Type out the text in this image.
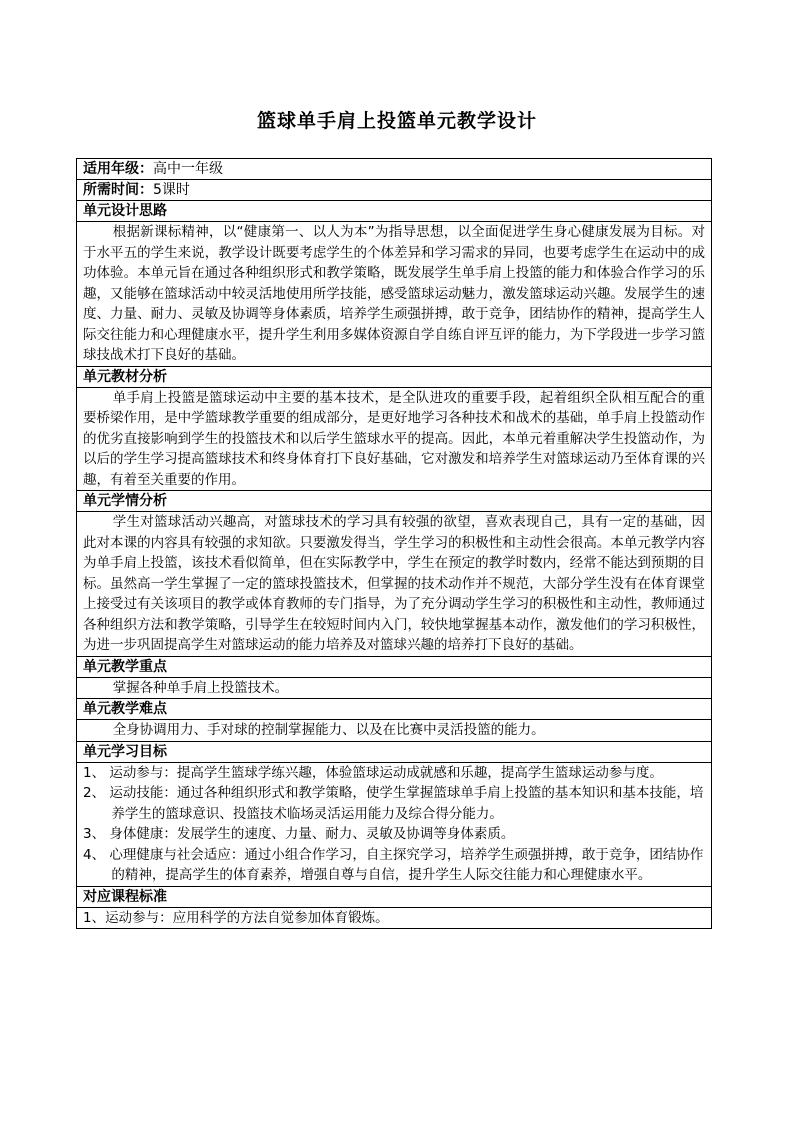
篮球单手肩上投篮单元教学设计
适用年级：高中一年级
所需时间：5课时
单元设计思路

根据新课标精神，以“健康第一、以人为本”为指导思想，以全面促进学生身心健康发展为目标。对于水平五的学生来说，教学设计既要考虑学生的个体差异和学习需求的异同，也要考虑学生在运动中的成功体验。本单元旨在通过各种组织形式和教学策略，既发展学生单手肩上投篮的能力和体验合作学习的乐趣，又能够在篮球活动中较灵活地使用所学技能，感受篮球运动魅力，激发篮球运动兴趣。发展学生的速度、力量、耐力、灵敏及协调等身体素质，培养学生顽强拼搏，敢于竞争，团结协作的精神，提高学生人际交往能力和心理健康水平，提升学生利用多媒体资源自学自练自评互评的能力，为下学段进一步学习篮球技战术打下良好的基础。

单元教材分析

单手肩上投篮是篮球运动中主要的基本技术，是全队进攻的重要手段，起着组织全队相互配合的重要桥梁作用，是中学篮球教学重要的组成部分，是更好地学习各种技术和战术的基础，单手肩上投篮动作的优劣直接影响到学生的投篮技术和以后学生篮球水平的提高。因此，本单元着重解决学生投篮动作，为以后的学生学习提高篮球技术和终身体育打下良好基础，它对激发和培养学生对篮球运动乃至体育课的兴趣，有着至关重要的作用。

单元学情分析

学生对篮球活动兴趣高，对篮球技术的学习具有较强的欲望，喜欢表现自己，具有一定的基础，因此对本课的内容具有较强的求知欲。只要激发得当，学生学习的积极性和主动性会很高。本单元教学内容为单手肩上投篮，该技术看似简单，但在实际教学中，学生在预定的教学时数内，经常不能达到预期的目标。虽然高一学生掌握了一定的篮球投篮技术，但掌握的技术动作并不规范，大部分学生没有在体育课堂上接受过有关该项目的教学或体育教师的专门指导，为了充分调动学生学习的积极性和主动性，教师通过各种组织方法和教学策略，引导学生在较短时间内入门，较快地掌握基本动作，激发他们的学习积极性，为进一步巩固提高学生对篮球运动的能力培养及对篮球兴趣的培养打下良好的基础。

单元教学重点

掌握各种单手肩上投篮技术。

单元教学难点

全身协调用力、手对球的控制掌握能力、以及在比赛中灵活投篮的能力。

单元学习目标

1、 运动参与：提高学生篮球学练兴趣，体验篮球运动成就感和乐趣，提高学生篮球运动参与度。
2、 运动技能：通过各种组织形式和教学策略，使学生掌握篮球单手肩上投篮的基本知识和基本技能，培养学生的篮球意识、投篮技术临场灵活运用能力及综合得分能力。
3、 身体健康：发展学生的速度、力量、耐力、灵敏及协调等身体素质。
4、 心理健康与社会适应：通过小组合作学习，自主探究学习，培养学生顽强拼搏，敢于竞争，团结协作的精神，提高学生的体育素养，增强自尊与自信，提升学生人际交往能力和心理健康水平。

对应课程标准

1、运动参与：应用科学的方法自觉参加体育锻炼。
